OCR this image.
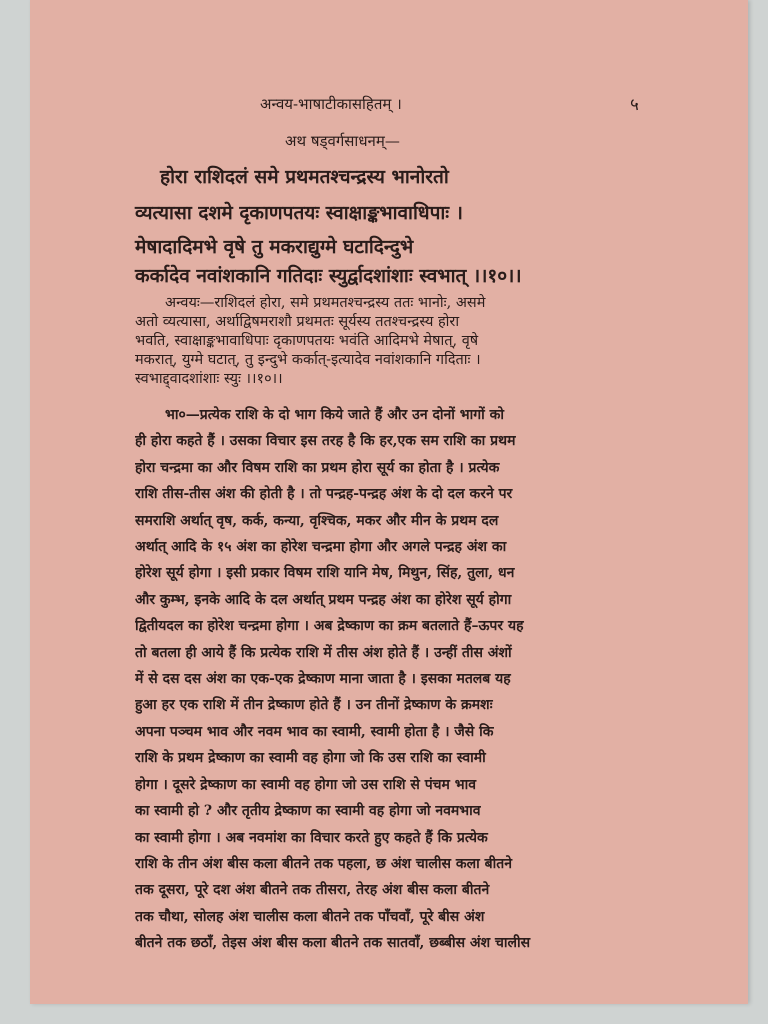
अन्वय-भाषाटीकासहितम् ।	५
अथ षड्वर्गसाधनम्—
होरा राशिदलं समे प्रथमतश्चन्द्रस्य भानोरतो
व्यत्यासा दशमे दृकाणपतयः स्वाक्षाङ्कभावाधिपाः ।
मेषादादिमभे वृषे तु मकराद्युग्मे घटादिन्दुभे
कर्कादेव नवांशकानि गतिदाः स्युर्द्वादशांशाः स्वभात् ।।१०।।
अन्वयः—राशिदलं होरा, समे प्रथमतश्चन्द्रस्य ततः भानोः, असमे
अतो व्यत्यासा, अर्थाद्विषमराशौ प्रथमतः सूर्यस्य ततश्चन्द्रस्य होरा
भवति, स्वाक्षाङ्कभावाधिपाः दृकाणपतयः भवंति आदिमभे मेषात्, वृषे
मकरात्, युग्मे घटात्, तु इन्दुभे कर्कात्-इत्यादेव नवांशकानि गदिताः ।
स्वभाद्द्वादशांशाः स्युः ।।१०।।
भा०—प्रत्येक राशि के दो भाग किये जाते हैं और उन दोनों भागों को
ही होरा कहते हैं । उसका विचार इस तरह है कि हर,एक सम राशि का प्रथम
होरा चन्द्रमा का और विषम राशि का प्रथम होरा सूर्य का होता है । प्रत्येक
राशि तीस-तीस अंश की होती है । तो पन्द्रह-पन्द्रह अंश के दो दल करने पर
समराशि अर्थात् वृष, कर्क, कन्या, वृश्चिक, मकर और मीन के प्रथम दल
अर्थात् आदि के १५ अंश का होरेश चन्द्रमा होगा और अगले पन्द्रह अंश का
होरेश सूर्य होगा । इसी प्रकार विषम राशि यानि मेष, मिथुन, सिंह, तुला, धन
और कुम्भ, इनके आदि के दल अर्थात् प्रथम पन्द्रह अंश का होरेश सूर्य होगा
द्वितीयदल का होरेश चन्द्रमा होगा । अब द्रेष्काण का क्रम बतलाते हैं–ऊपर यह
तो बतला ही आये हैं कि प्रत्येक राशि में तीस अंश होते हैं । उन्हीं तीस अंशों
में से दस दस अंश का एक-एक द्रेष्काण माना जाता है । इसका मतलब यह
हुआ हर एक राशि में तीन द्रेष्काण होते हैं । उन तीनों द्रेष्काण के क्रमशः
अपना पञ्चम भाव और नवम भाव का स्वामी, स्वामी होता है । जैसे कि
राशि के प्रथम द्रेष्काण का स्वामी वह होगा जो कि उस राशि का स्वामी
होगा । दूसरे द्रेष्काण का स्वामी वह होगा जो उस राशि से पंचम भाव
का स्वामी हो ? और तृतीय द्रेष्काण का स्वामी वह होगा जो नवमभाव
का स्वामी होगा । अब नवमांश का विचार करते हुए कहते हैं कि प्रत्येक
राशि के तीन अंश बीस कला बीतने तक पहला, छ अंश चालीस कला बीतने
तक दूसरा, पूरे दश अंश बीतने तक तीसरा, तेरह अंश बीस कला बीतने
तक चौथा, सोलह अंश चालीस कला बीतने तक पाँचवाँ, पूरे बीस अंश
बीतने तक छठाँ, तेइस अंश बीस कला बीतने तक सातवाँ, छब्बीस अंश चालीस
